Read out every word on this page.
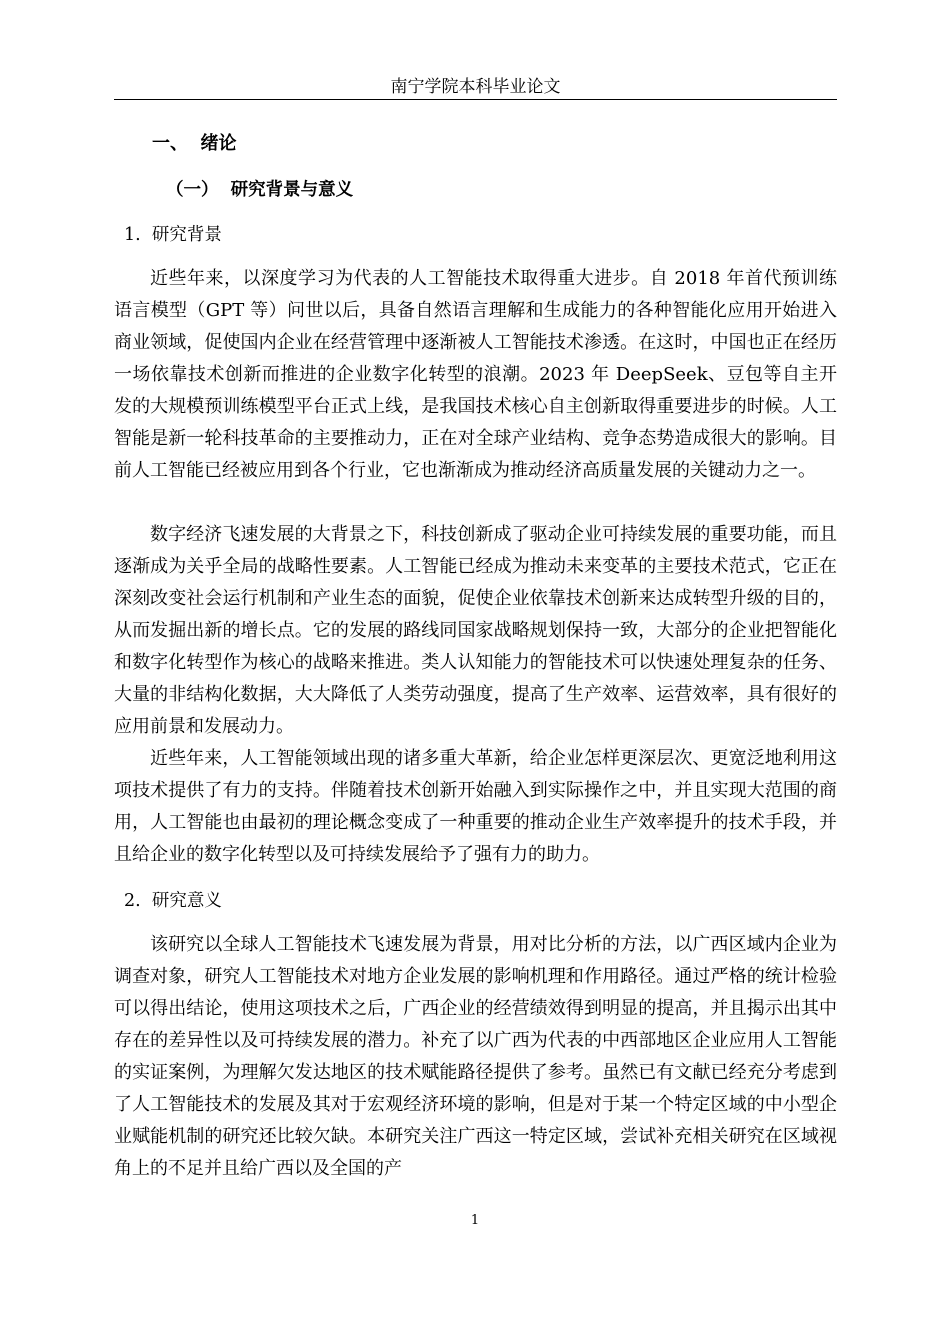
南宁学院本科毕业论文
一、  绪论
（一）  研究背景与意义
1.  研究背景

近些年来，以深度学习为代表的人工智能技术取得重大进步。自 2018 年首代预训练语言模型（GPT 等）问世以后，具备自然语言理解和生成能力的各种智能化应用开始进入商业领域，促使国内企业在经营管理中逐渐被人工智能技术渗透。在这时，中国也正在经历一场依靠技术创新而推进的企业数字化转型的浪潮。2023 年 DeepSeek、豆包等自主开发的大规模预训练模型平台正式上线，是我国技术核心自主创新取得重要进步的时候。人工智能是新一轮科技革命的主要推动力，正在对全球产业结构、竞争态势造成很大的影响。目前人工智能已经被应用到各个行业，它也渐渐成为推动经济高质量发展的关键动力之一。

数字经济飞速发展的大背景之下，科技创新成了驱动企业可持续发展的重要功能，而且逐渐成为关乎全局的战略性要素。人工智能已经成为推动未来变革的主要技术范式，它正在深刻改变社会运行机制和产业生态的面貌，促使企业依靠技术创新来达成转型升级的目的，从而发掘出新的增长点。它的发展的路线同国家战略规划保持一致，大部分的企业把智能化和数字化转型作为核心的战略来推进。类人认知能力的智能技术可以快速处理复杂的任务、大量的非结构化数据，大大降低了人类劳动强度，提高了生产效率、运营效率，具有很好的应用前景和发展动力。

近些年来，人工智能领域出现的诸多重大革新，给企业怎样更深层次、更宽泛地利用这项技术提供了有力的支持。伴随着技术创新开始融入到实际操作之中，并且实现大范围的商用，人工智能也由最初的理论概念变成了一种重要的推动企业生产效率提升的技术手段，并且给企业的数字化转型以及可持续发展给予了强有力的助力。

2.  研究意义

该研究以全球人工智能技术飞速发展为背景，用对比分析的方法，以广西区域内企业为调查对象，研究人工智能技术对地方企业发展的影响机理和作用路径。通过严格的统计检验可以得出结论，使用这项技术之后，广西企业的经营绩效得到明显的提高，并且揭示出其中存在的差异性以及可持续发展的潜力。补充了以广西为代表的中西部地区企业应用人工智能的实证案例，为理解欠发达地区的技术赋能路径提供了参考。虽然已有文献已经充分考虑到了人工智能技术的发展及其对于宏观经济环境的影响，但是对于某一个特定区域的中小型企业赋能机制的研究还比较欠缺。本研究关注广西这一特定区域，尝试补充相关研究在区域视角上的不足并且给广西以及全国的产

1
